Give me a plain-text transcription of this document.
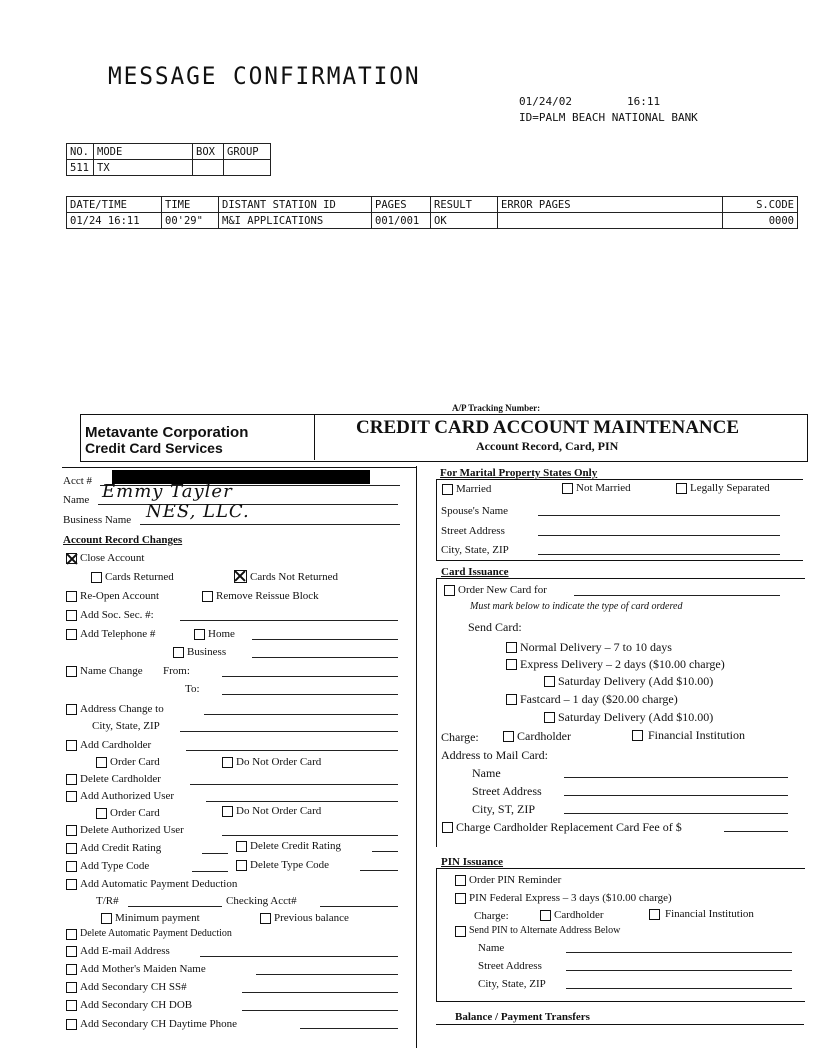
MESSAGE CONFIRMATION
01/24/02	16:11
ID=PALM BEACH NATIONAL BANK
NO.	MODE	BOX	GROUP
511	TX		
DATE/TIME	TIME	DISTANT STATION ID	PAGES	RESULT	ERROR PAGES	S.CODE
01/24 16:11	00'29"	M&I APPLICATIONS	001/001	OK		0000
A/P Tracking Number:
Metavante Corporation
Credit Card Services
CREDIT CARD ACCOUNT MAINTENANCE
Account Record, Card, PIN
Acct #
Name Emmy Tayler
Business Name NES, LLC.
Account Record Changes
Close Account
Cards Returned	Cards Not Returned
Re-Open Account	Remove Reissue Block
Add Soc. Sec. #:
Add Telephone #	Home
Business
Name Change From:
To:
Address Change to
City, State, ZIP
Add Cardholder
Order Card	Do Not Order Card
Delete Cardholder
Add Authorized User
Order Card	Do Not Order Card
Delete Authorized User
Add Credit Rating	Delete Credit Rating
Add Type Code	Delete Type Code
Add Automatic Payment Deduction
T/R#	Checking Acct#
Minimum payment	Previous balance
Delete Automatic Payment Deduction
Add E-mail Address
Add Mother's Maiden Name
Add Secondary CH SS#
Add Secondary CH DOB
Add Secondary CH Daytime Phone
For Marital Property States Only
Married	Not Married	Legally Separated
Spouse's Name
Street Address
City, State, ZIP
Card Issuance
Order New Card for
Must mark below to indicate the type of card ordered
Send Card:
Normal Delivery – 7 to 10 days
Express Delivery – 2 days ($10.00 charge)
Saturday Delivery (Add $10.00)
Fastcard – 1 day ($20.00 charge)
Saturday Delivery (Add $10.00)
Charge:	Cardholder	Financial Institution
Address to Mail Card:
Name
Street Address
City, ST, ZIP
Charge Cardholder Replacement Card Fee of $
PIN Issuance
Order PIN Reminder
PIN Federal Express – 3 days ($10.00 charge)
Charge:	Cardholder	Financial Institution
Send PIN to Alternate Address Below
Name
Street Address
City, State, ZIP
Balance / Payment Transfers
